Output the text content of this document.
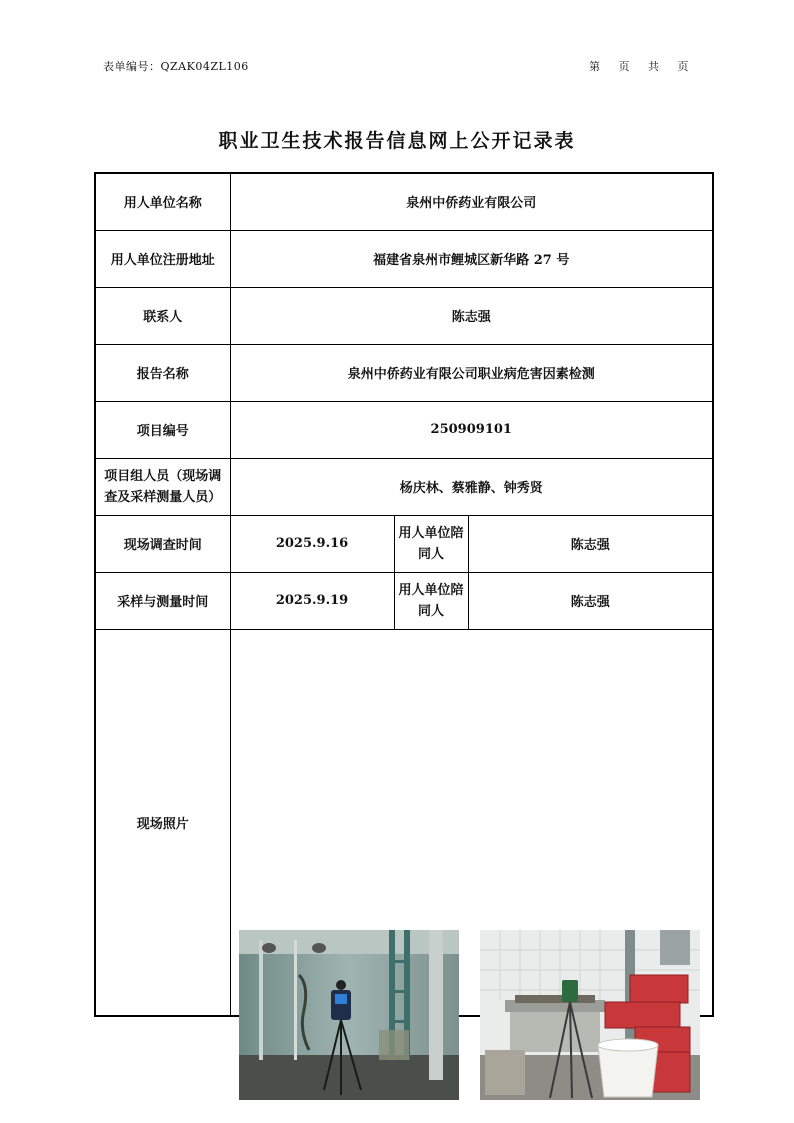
表单编号：QZAK04ZL106	第 页 共 页
职业卫生技术报告信息网上公开记录表
用人单位名称	泉州中侨药业有限公司		
用人单位注册地址	福建省泉州市鲤城区新华路 27 号		
联系人	陈志强		
报告名称	泉州中侨药业有限公司职业病危害因素检测		
项目编号	250909101		
项目组人员（现场调查及采样测量人员）	杨庆林、蔡雅静、钟秀贤		
现场调查时间	2025.9.16	用人单位陪同人	陈志强
采样与测量时间	2025.9.19	用人单位陪同人	陈志强
现场照片	
